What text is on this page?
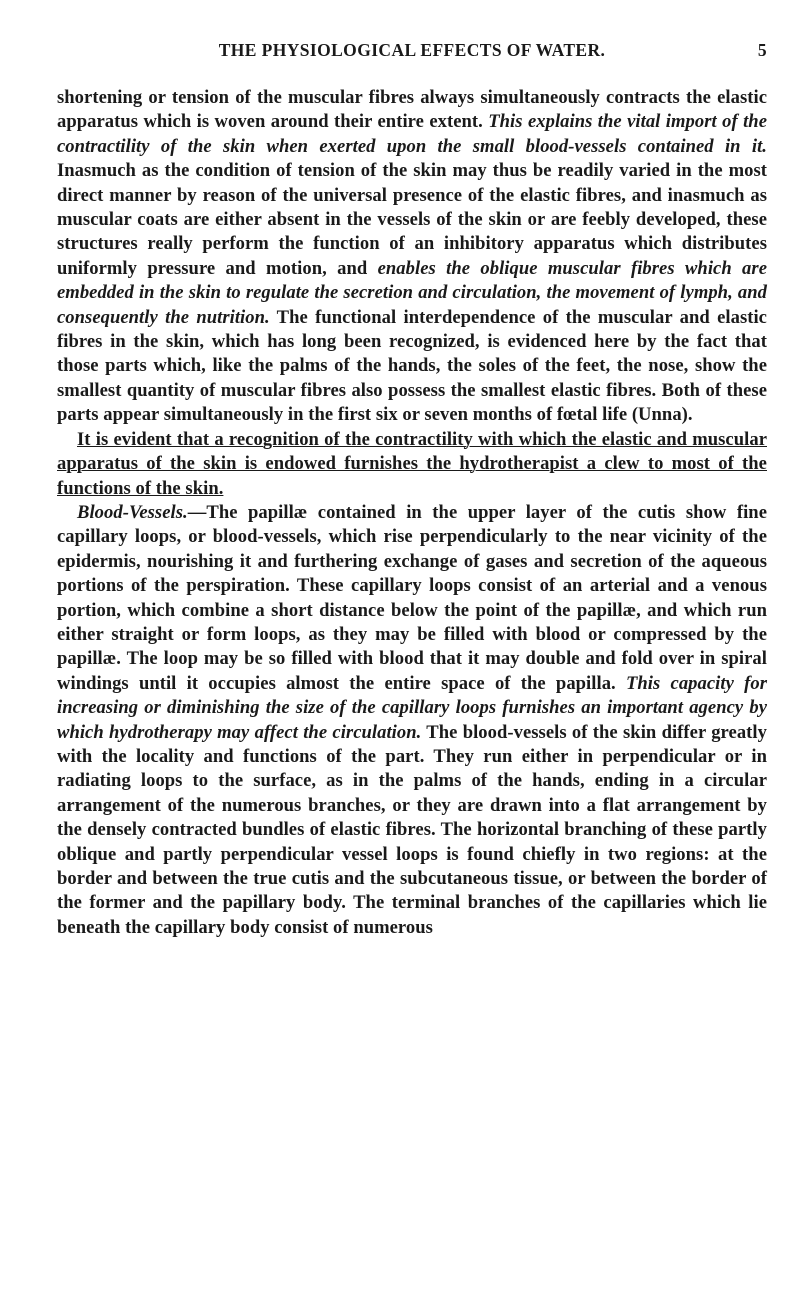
THE PHYSIOLOGICAL EFFECTS OF WATER.	5

shortening or tension of the muscular fibres always simultaneously contracts the elastic apparatus which is woven around their entire extent. This explains the vital import of the contractility of the skin when exerted upon the small blood-vessels contained in it. Inasmuch as the condition of tension of the skin may thus be readily varied in the most direct manner by reason of the universal presence of the elastic fibres, and inasmuch as muscular coats are either absent in the vessels of the skin or are feebly developed, these structures really perform the function of an inhibitory apparatus which distributes uniformly pressure and motion, and enables the oblique muscular fibres which are embedded in the skin to regulate the secretion and circulation, the movement of lymph, and consequently the nutrition. The functional interdependence of the muscular and elastic fibres in the skin, which has long been recognized, is evidenced here by the fact that those parts which, like the palms of the hands, the soles of the feet, the nose, show the smallest quantity of muscular fibres also possess the smallest elastic fibres. Both of these parts appear simultaneously in the first six or seven months of fœtal life (Unna).

It is evident that a recognition of the contractility with which the elastic and muscular apparatus of the skin is endowed furnishes the hydrotherapist a clew to most of the functions of the skin.

Blood-Vessels.—The papillæ contained in the upper layer of the cutis show fine capillary loops, or blood-vessels, which rise perpendicularly to the near vicinity of the epidermis, nourishing it and furthering exchange of gases and secretion of the aqueous portions of the perspiration. These capillary loops consist of an arterial and a venous portion, which combine a short distance below the point of the papillæ, and which run either straight or form loops, as they may be filled with blood or compressed by the papillæ. The loop may be so filled with blood that it may double and fold over in spiral windings until it occupies almost the entire space of the papilla. This capacity for increasing or diminishing the size of the capillary loops furnishes an important agency by which hydrotherapy may affect the circulation. The blood-vessels of the skin differ greatly with the locality and functions of the part. They run either in perpendicular or in radiating loops to the surface, as in the palms of the hands, ending in a circular arrangement of the numerous branches, or they are drawn into a flat arrangement by the densely contracted bundles of elastic fibres. The horizontal branching of these partly oblique and partly perpendicular vessel loops is found chiefly in two regions: at the border and between the true cutis and the subcutaneous tissue, or between the border of the former and the papillary body. The terminal branches of the capillaries which lie beneath the capillary body consist of numerous
